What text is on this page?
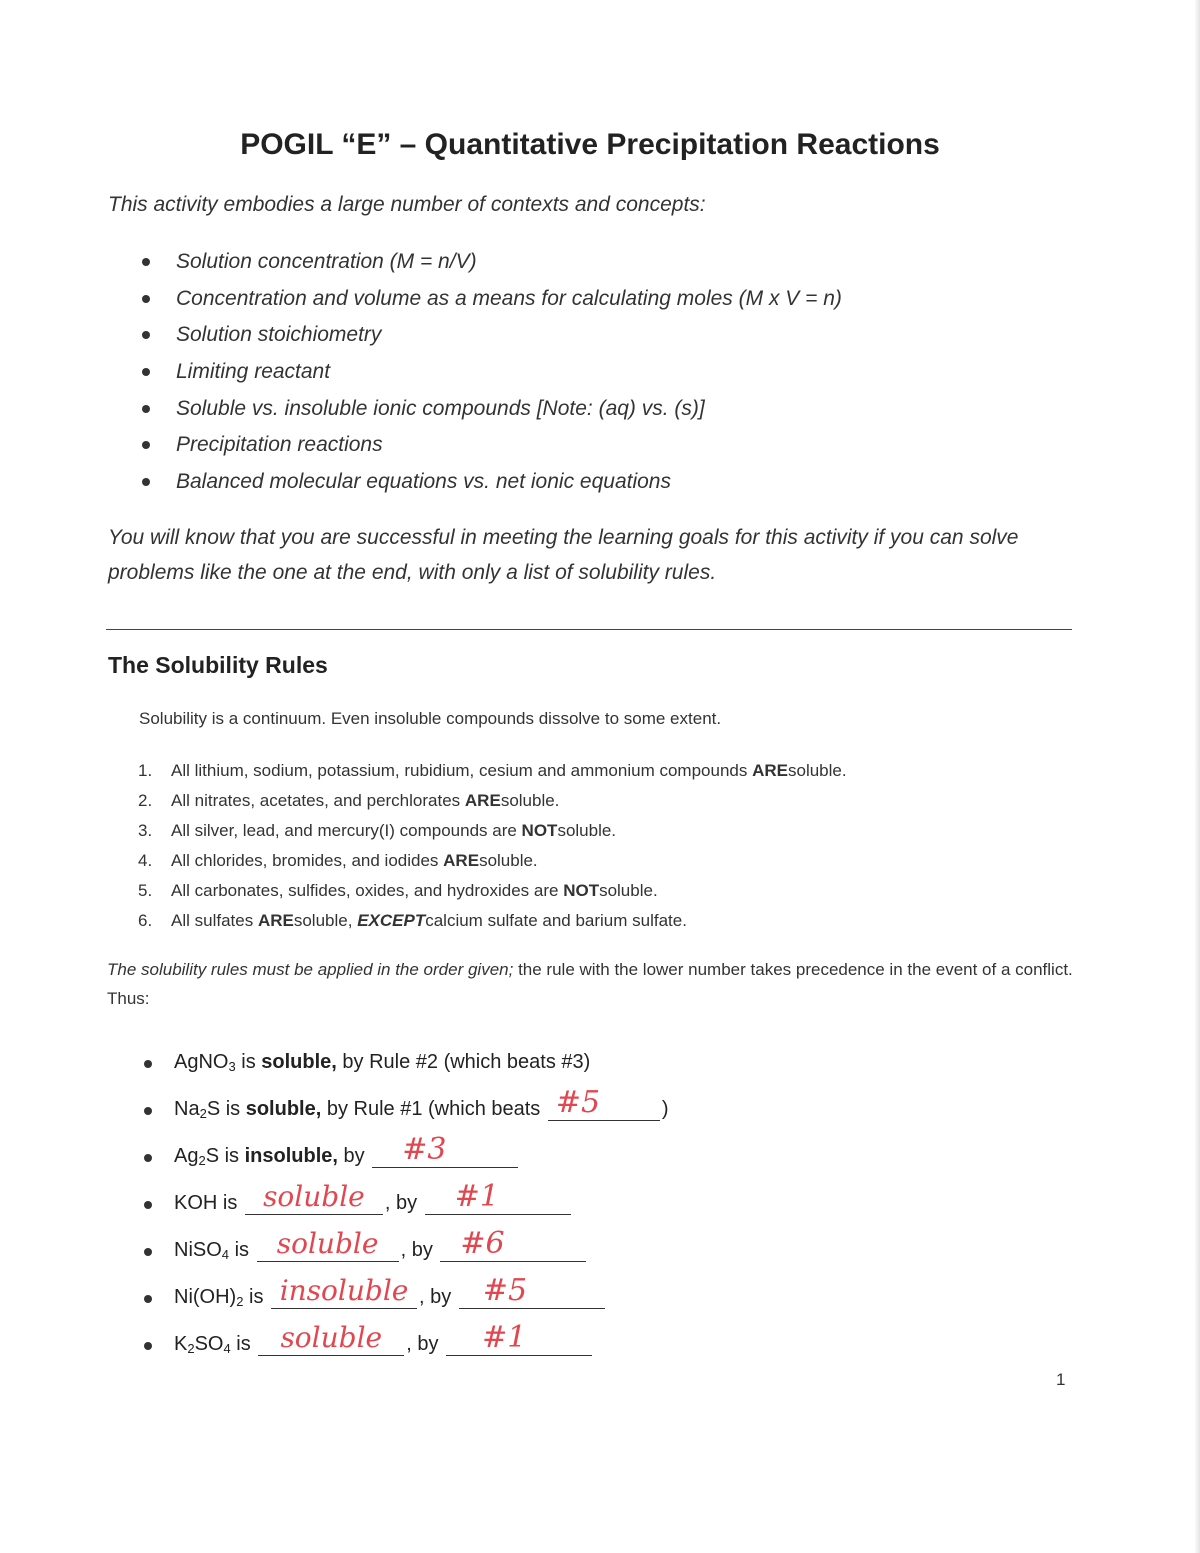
POGIL “E” – Quantitative Precipitation Reactions
This activity embodies a large number of contexts and concepts:
Solution concentration (M = n/V)
Concentration and volume as a means for calculating moles (M x V = n)
Solution stoichiometry
Limiting reactant
Soluble vs. insoluble ionic compounds [Note: (aq) vs. (s)]
Precipitation reactions
Balanced molecular equations vs. net ionic equations
You will know that you are successful in meeting the learning goals for this activity if you can solve problems like the one at the end, with only a list of solubility rules.
The Solubility Rules
Solubility is a continuum. Even insoluble compounds dissolve to some extent.
1.	All lithium, sodium, potassium, rubidium, cesium and ammonium compounds
ARE soluble.
2.	All nitrates, acetates, and perchlorates
ARE soluble.
3.	All silver, lead, and mercury(I) compounds are
NOT soluble.
4.	All chlorides, bromides, and iodides
ARE soluble.
5.	All carbonates, sulfides, oxides, and hydroxides are
NOT soluble.
6.	All sulfates
ARE soluble,
EXCEPT calcium sulfate and barium sulfate.
The solubility rules must be applied in the order given; the rule with the lower number takes precedence in the event of a conflict. Thus:
AgNO$_3$ is soluble, by Rule #2 (which beats #3)
$Na_2$ S is soluble, by Rule #1 (which beats #5	)
$Ag_2$ S is insoluble, by #3
KOH is soluble	, by #1
NiSO$_4$ is soluble	, by #6
$Ni(OH)_2$ is insoluble , by #5
$K_2$ $SO_4$ is soluble	, by #1
1
